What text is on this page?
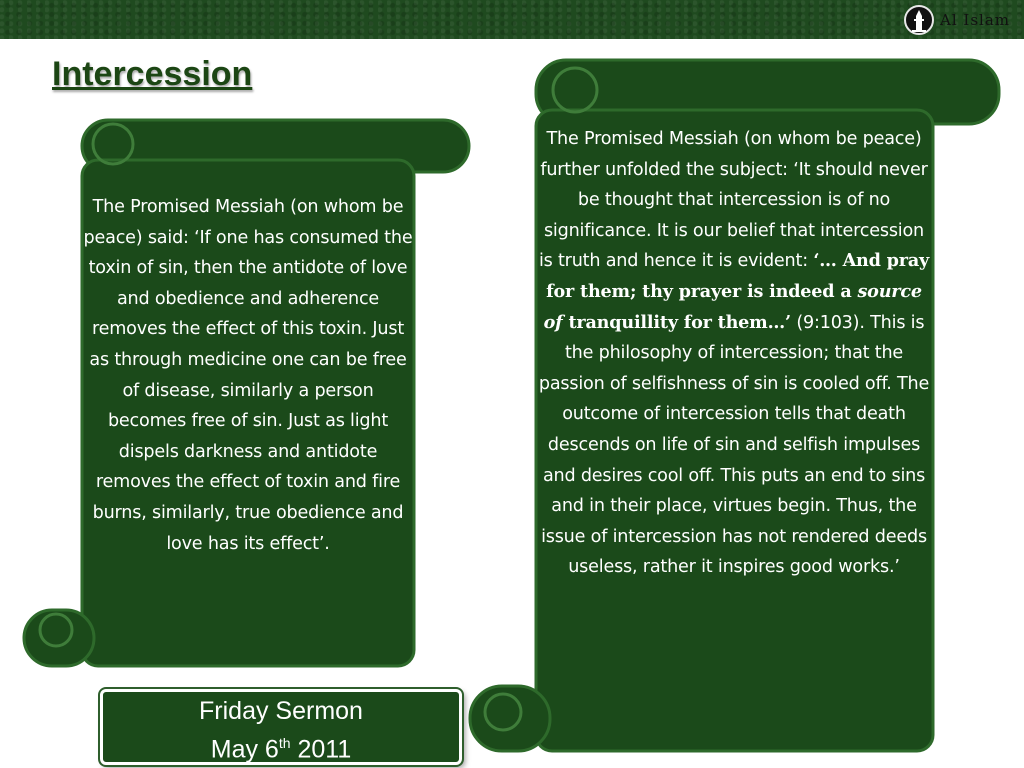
Al Islam
Intercession

The Promised Messiah (on whom be peace) said: ‘If one has consumed the toxin of sin, then the antidote of love and obedience and adherence removes the effect of this toxin. Just as through medicine one can be free of disease, similarly a person becomes free of sin. Just as light dispels darkness and antidote removes the effect of toxin and fire burns, similarly, true obedience and love has its effect’.

The Promised Messiah (on whom be peace) further unfolded the subject: ‘It should never be thought that intercession is of no significance. It is our belief that intercession is truth and hence it is evident: ‘… And pray for them; thy prayer is indeed a source of tranquillity for them…’ (9:103). This is the philosophy of intercession; that the passion of selfishness of sin is cooled off. The outcome of intercession tells that death descends on life of sin and selfish impulses and desires cool off. This puts an end to sins and in their place, virtues begin. Thus, the issue of intercession has not rendered deeds useless, rather it inspires good works.’

Friday Sermon
May 6th 2011
